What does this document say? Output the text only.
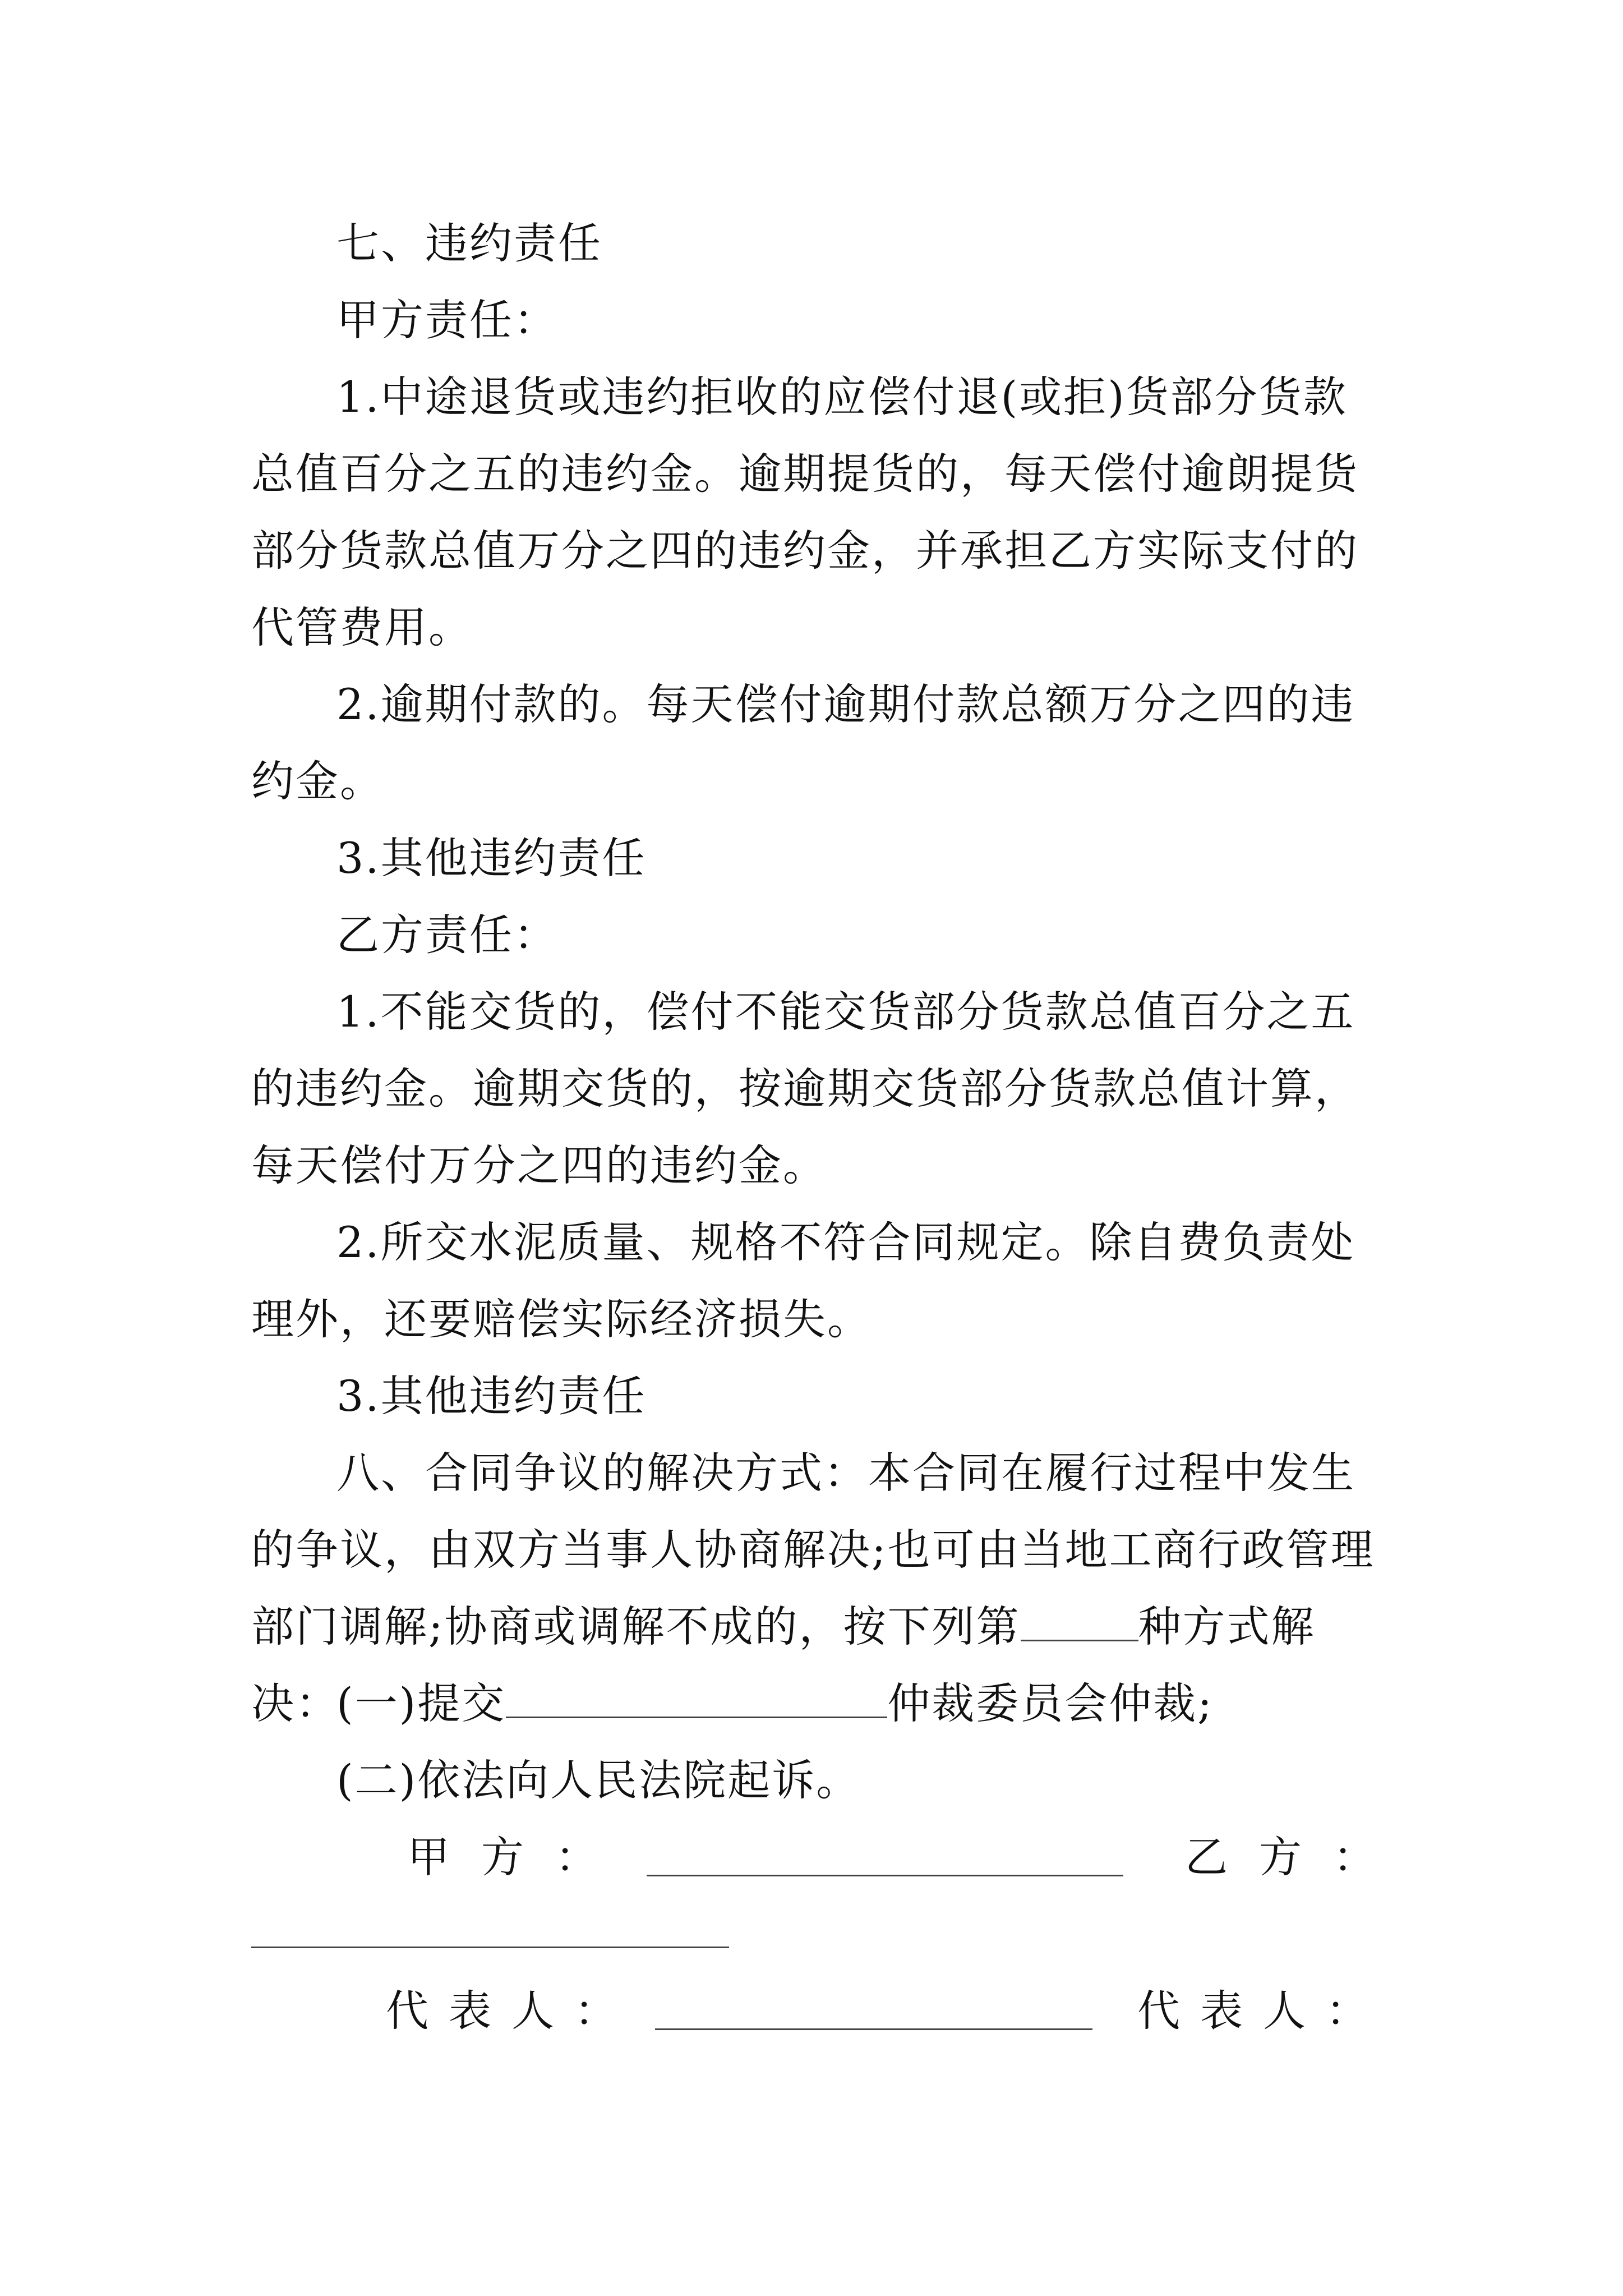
七、违约责任

甲方责任：

1.中途退货或违约拒收的应偿付退(或拒)货部分货款总值百分之五的违约金。逾期提货的，每天偿付逾朗提货部分货款总值万分之四的违约金，并承担乙方实际支付的代管费用。

2.逾期付款的。每天偿付逾期付款总额万分之四的违约金。

3.其他违约责任

乙方责任：

1.不能交货的，偿付不能交货部分货款总值百分之五的违约金。逾期交货的，按逾期交货部分货款总值计算，每天偿付万分之四的违约金。

2.所交水泥质量、规格不符合同规定。除自费负责处理外，还要赔偿实际经济损失。

3.其他违约责任

八、合同争议的解决方式：本合同在履行过程中发生的争议，由双方当事人协商解决;也可由当地工商行政管理部门调解;协商或调解不成的，按下列第	种方式解决：

(一)提交	仲裁委员会仲裁;

(二)依法向人民法院起诉。

甲方：	乙方：
代表人：	代表人：
